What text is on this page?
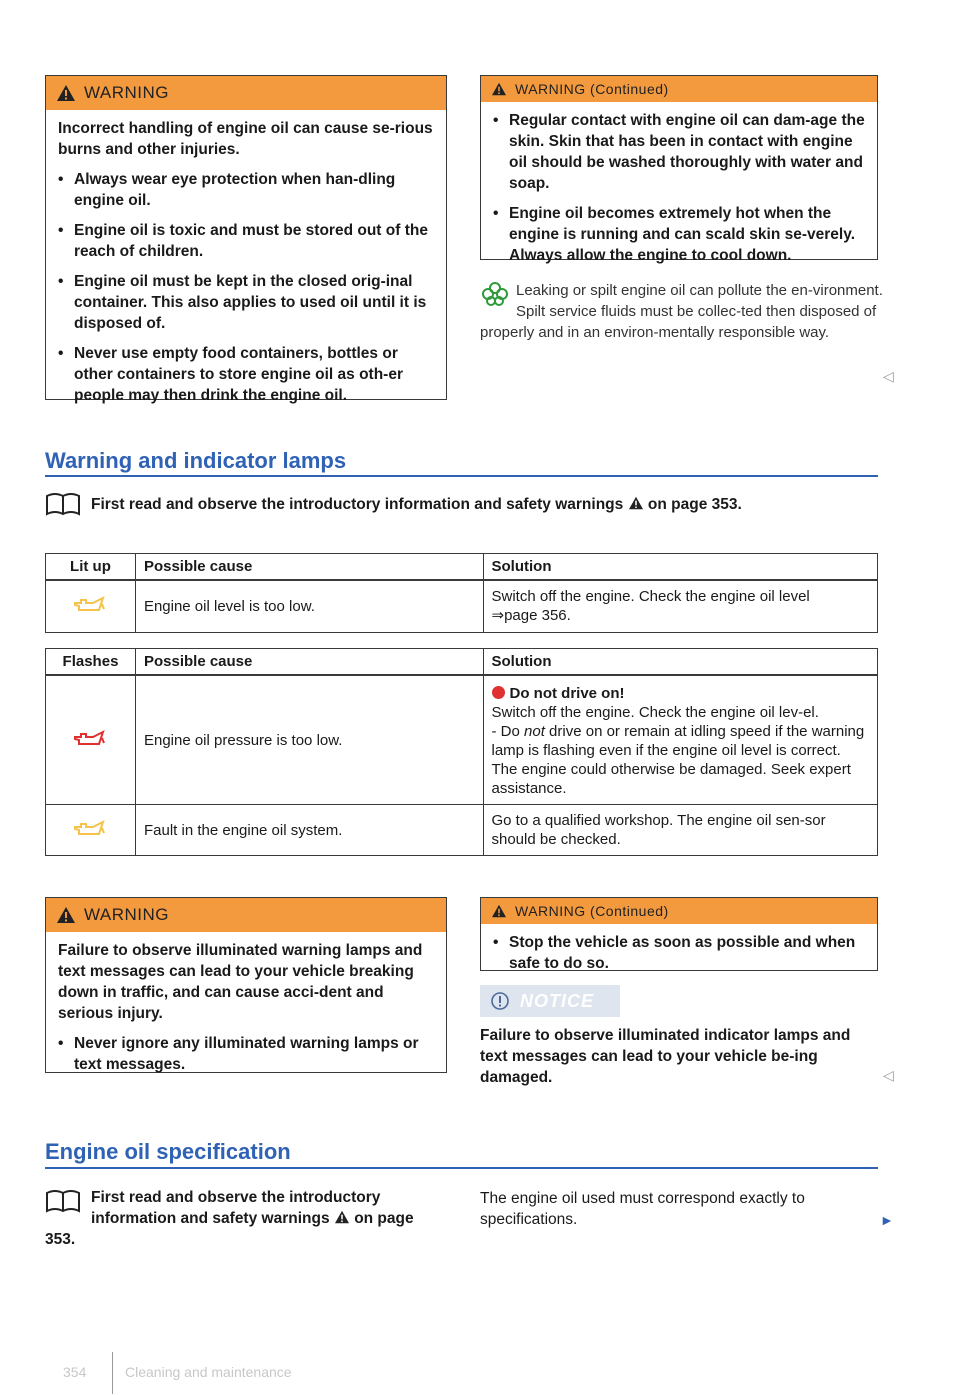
WARNING

Incorrect handling of engine oil can cause se-rious burns and other injuries.

• Always wear eye protection when han-dling engine oil.

• Engine oil is toxic and must be stored out of the reach of children.

• Engine oil must be kept in the closed orig-inal container. This also applies to used oil until it is disposed of.

• Never use empty food containers, bottles or other containers to store engine oil as oth-er people may then drink the engine oil.

WARNING (Continued)

• Regular contact with engine oil can dam-age the skin. Skin that has been in contact with engine oil should be washed thoroughly with water and soap.

• Engine oil becomes extremely hot when the engine is running and can scald skin se-verely. Always allow the engine to cool down.

Leaking or spilt engine oil can pollute the en-vironment. Spilt service fluids must be collec-ted then disposed of properly and in an environ-mentally responsible way.
◁
Warning and indicator lamps
First read and observe the introductory information and safety warnings on page 353.
Lit up	Possible cause	Solution
	Engine oil level is too low.	Switch off the engine. Check the engine oil level
⇒page 356.
Flashes	Possible cause	Solution
	Engine oil pressure is too low.	Do not drive on!
Switch off the engine. Check the engine oil lev-el.
- Do not drive on or remain at idling speed if the warning lamp is flashing even if the engine oil level is correct. The engine could otherwise be damaged. Seek expert assistance.

	Fault in the engine oil system.	Go to a qualified workshop. The engine oil sen-sor should be checked.
WARNING

Failure to observe illuminated warning lamps and text messages can lead to your vehicle breaking down in traffic, and can cause acci-dent and serious injury.

• Never ignore any illuminated warning lamps or text messages.

WARNING (Continued)

• Stop the vehicle as soon as possible and when safe to do so.

NOTICE
Failure to observe illuminated indicator lamps and text messages can lead to your vehicle be-ing damaged.	◁
Engine oil specification
First read and observe the introductory information and safety warnings on page 353.
The engine oil used must correspond exactly to specifications.	►
354	Cleaning and maintenance
